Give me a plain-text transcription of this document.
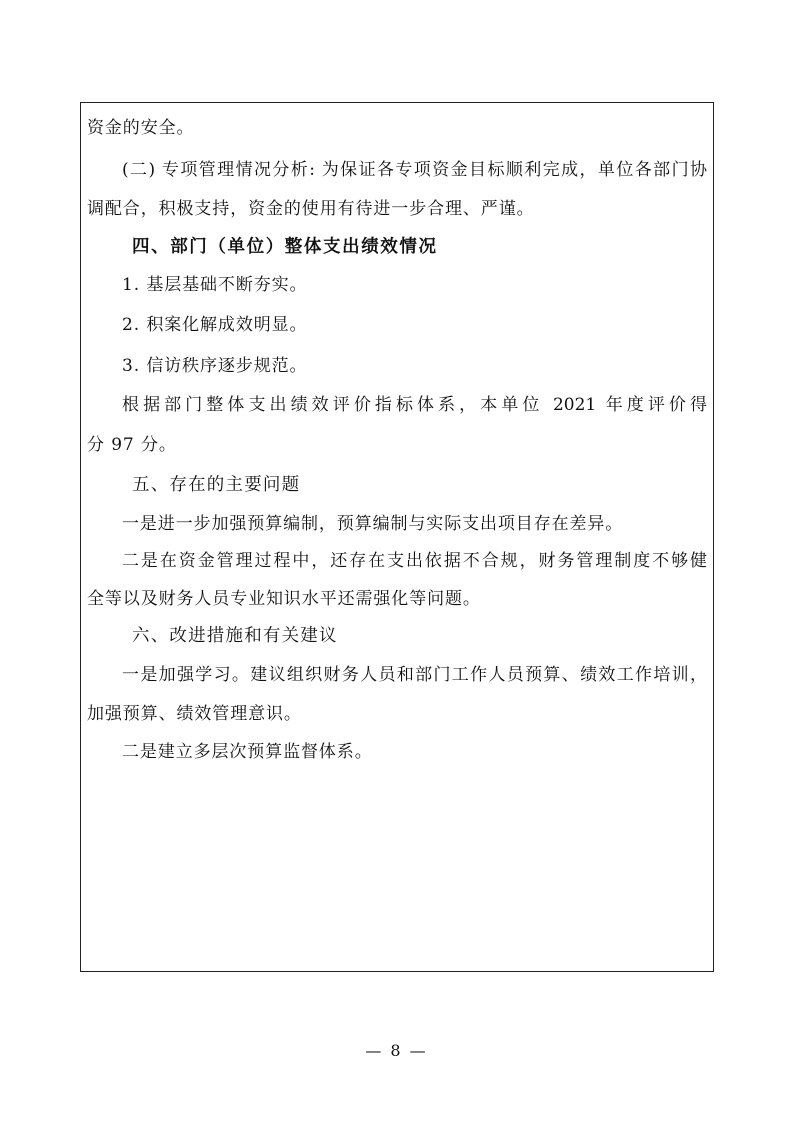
资金的安全。
(二) 专项管理情况分析: 为保证各专项资金目标顺利完成，单位各部门协
调配合，积极支持，资金的使用有待进一步合理、严谨。
四、部门（单位）整体支出绩效情况
1. 基层基础不断夯实。
2. 积案化解成效明显。
3. 信访秩序逐步规范。
根据部门整体支出绩效评价指标体系，本单位 2021 年度评价得
分 97 分。
五、存在的主要问题
一是进一步加强预算编制，预算编制与实际支出项目存在差异。
二是在资金管理过程中，还存在支出依据不合规，财务管理制度不够健
全等以及财务人员专业知识水平还需强化等问题。
六、改进措施和有关建议
一是加强学习。建议组织财务人员和部门工作人员预算、绩效工作培训，
加强预算、绩效管理意识。
二是建立多层次预算监督体系。
— 8 —
